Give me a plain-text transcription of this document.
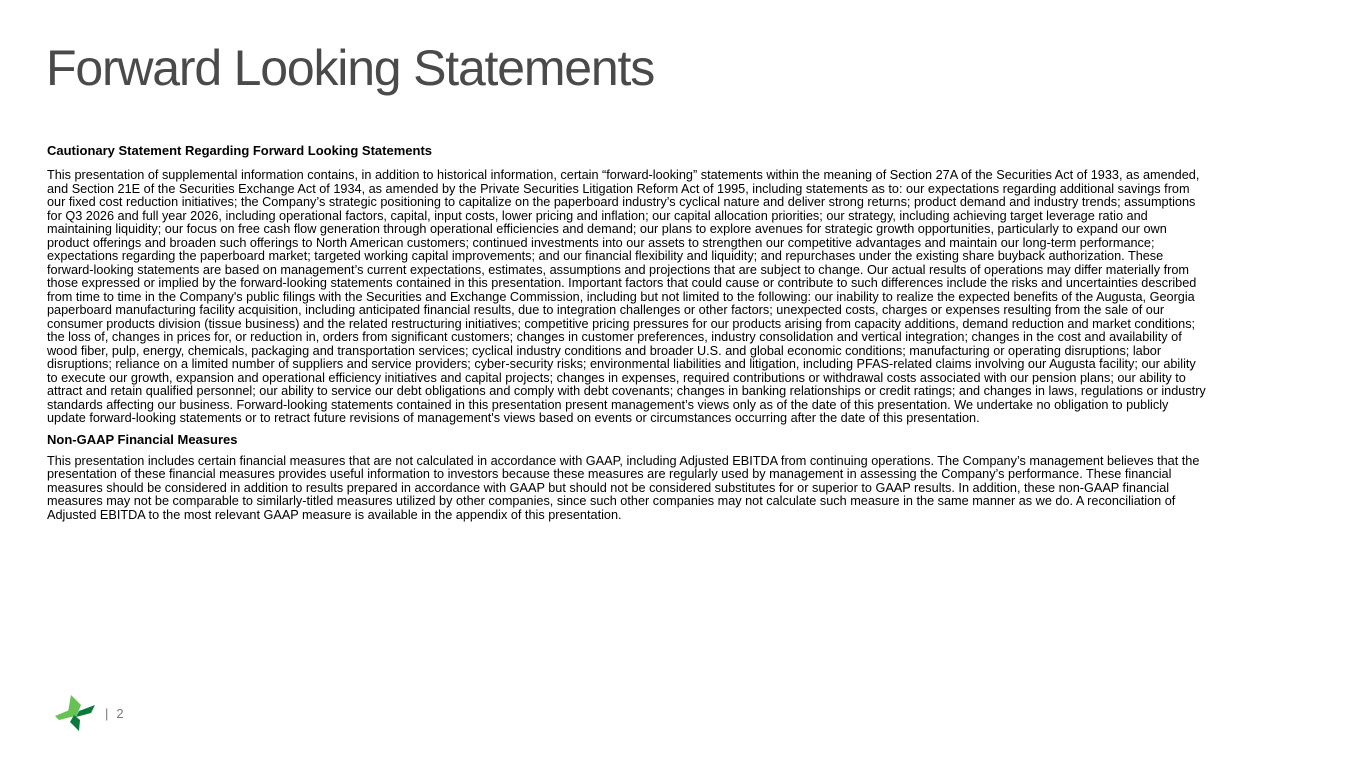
Forward Looking Statements

Cautionary Statement Regarding Forward Looking Statements

This presentation of supplemental information contains, in addition to historical information, certain “forward-looking” statements within the meaning of Section 27A of the Securities Act of 1933, as amended, and Section 21E of the Securities Exchange Act of 1934, as amended by the Private Securities Litigation Reform Act of 1995, including statements as to: our expectations regarding additional savings from our fixed cost reduction initiatives; the Company’s strategic positioning to capitalize on the paperboard industry’s cyclical nature and deliver strong returns; product demand and industry trends; assumptions for Q3 2026 and full year 2026, including operational factors, capital, input costs, lower pricing and inflation; our capital allocation priorities; our strategy, including achieving target leverage ratio and maintaining liquidity; our focus on free cash flow generation through operational efficiencies and demand; our plans to explore avenues for strategic growth opportunities, particularly to expand our own product offerings and broaden such offerings to North American customers; continued investments into our assets to strengthen our competitive advantages and maintain our long-term performance; expectations regarding the paperboard market; targeted working capital improvements; and our financial flexibility and liquidity; and repurchases under the existing share buyback authorization. These forward-looking statements are based on management’s current expectations, estimates, assumptions and projections that are subject to change. Our actual results of operations may differ materially from those expressed or implied by the forward-looking statements contained in this presentation. Important factors that could cause or contribute to such differences include the risks and uncertainties described from time to time in the Company's public filings with the Securities and Exchange Commission, including but not limited to the following: our inability to realize the expected benefits of the Augusta, Georgia paperboard manufacturing facility acquisition, including anticipated financial results, due to integration challenges or other factors; unexpected costs, charges or expenses resulting from the sale of our consumer products division (tissue business) and the related restructuring initiatives; competitive pricing pressures for our products arising from capacity additions, demand reduction and market conditions; the loss of, changes in prices for, or reduction in, orders from significant customers; changes in customer preferences, industry consolidation and vertical integration; changes in the cost and availability of wood fiber, pulp, energy, chemicals, packaging and transportation services; cyclical industry conditions and broader U.S. and global economic conditions; manufacturing or operating disruptions; labor disruptions; reliance on a limited number of suppliers and service providers; cyber-security risks; environmental liabilities and litigation, including PFAS-related claims involving our Augusta facility; our ability to execute our growth, expansion and operational efficiency initiatives and capital projects; changes in expenses, required contributions or withdrawal costs associated with our pension plans; our ability to attract and retain qualified personnel; our ability to service our debt obligations and comply with debt covenants; changes in banking relationships or credit ratings; and changes in laws, regulations or industry standards affecting our business. Forward-looking statements contained in this presentation present management’s views only as of the date of this presentation. We undertake no obligation to publicly update forward-looking statements or to retract future revisions of management's views based on events or circumstances occurring after the date of this presentation.

Non-GAAP Financial Measures

This presentation includes certain financial measures that are not calculated in accordance with GAAP, including Adjusted EBITDA from continuing operations. The Company’s management believes that the presentation of these financial measures provides useful information to investors because these measures are regularly used by management in assessing the Company’s performance. These financial measures should be considered in addition to results prepared in accordance with GAAP but should not be considered substitutes for or superior to GAAP results. In addition, these non-GAAP financial measures may not be comparable to similarly-titled measures utilized by other companies, since such other companies may not calculate such measure in the same manner as we do. A reconciliation of Adjusted EBITDA to the most relevant GAAP measure is available in the appendix of this presentation.

| 2
